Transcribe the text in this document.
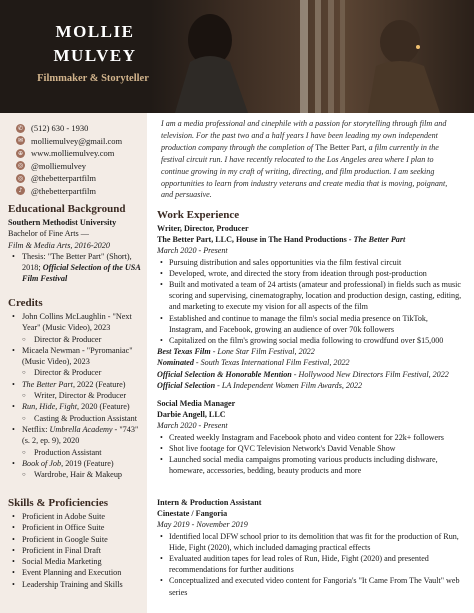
MOLLIE
MULVEY
Filmmaker & Storyteller
✆ (512) 630 - 1930
✉ molliemulvey@gmail.com
⊕ www.molliemulvey.com
◎ @molliemulvey
◎ @thebetterpartfilm
♪	@thebetterpartfilm
Educational Background

Southern Methodist University

Bachelor of Fine Arts —

Film & Media Arts, 2016-2020

• Thesis: "The Better Part" (Short), 2018; Official Selection of the USA Film Festival
Credits
• John Collins McLaughlin - "Next Year" (Music Video), 2023
○ Director & Producer
• Micaela Newman - "Pyromaniac" (Music Video), 2023
○ Director & Producer
• The Better Part, 2022 (Feature)
○ Writer, Director & Producer
• Run, Hide, Fight, 2020 (Feature)
○ Casting & Production Assistant
• Netflix: Umbrella Academy - "743" (s. 2, ep. 9), 2020
○ Production Assistant
• Book of Job, 2019 (Feature)
○ Wardrobe, Hair & Makeup
Skills & Proficiencies
• Proficient in Adobe Suite
• Proficient in Office Suite
• Proficient in Google Suite
• Proficient in Final Draft
• Social Media Marketing
• Event Planning and Execution
• Leadership Training and Skills

I am a media professional and cinephile with a passion for storytelling through film and television. For the past two and a half years I have been leading my own independent production company through the completion of The Better Part, a film currently in the festival circuit run. I have recently relocated to the Los Angeles area where I plan to continue growing in my craft of writing, directing, and film production. I am seeking opportunities to learn from industry veterans and create media that is moving, poignant, and persuasive.

Work Experience
Writer, Director, Producer
The Better Part, LLC, House in The Hand Productions - The Better Part
March 2020 - Present
• Pursuing distribution and sales opportunities via the film festival circuit
• Developed, wrote, and directed the story from ideation through post-production
• Built and motivated a team of 24 artists (amateur and professional) in fields such as music scoring and supervising, cinematography, location and production design, casting, editing, and marketing to execute my vision for all aspects of the film
• Established and continue to manage the film's social media presence on TikTok, Instagram, and Facebook, growing an audience of over 70k followers
• Capitalized on the film's growing social media following to crowdfund over $15,000
Best Texas Film - Lone Star Film Festival, 2022
Nominated - South Texas International Film Festival, 2022
Official Selection & Honorable Mention - Hollywood New Directors Film Festival, 2022
Official Selection - LA Independent Women Film Awards, 2022
Social Media Manager
Darbie Angell, LLC
March 2020 - Present
• Created weekly Instagram and Facebook photo and video content for 22k+ followers
• Shot live footage for QVC Television Network's David Venable Show
• Launched social media campaigns promoting various products including dishware, homeware, accessories, bedding, beauty products and more
Intern & Production Assistant
Cinestate / Fangoria
May 2019 - November 2019
• Identified local DFW school prior to its demolition that was fit for the production of Run, Hide, Fight (2020), which included damaging practical effects
• Evaluated audition tapes for lead roles of Run, Hide, Fight (2020) and presented recommendations for further auditions
• Conceptualized and executed video content for Fangoria's "It Came From The Vault" web series
